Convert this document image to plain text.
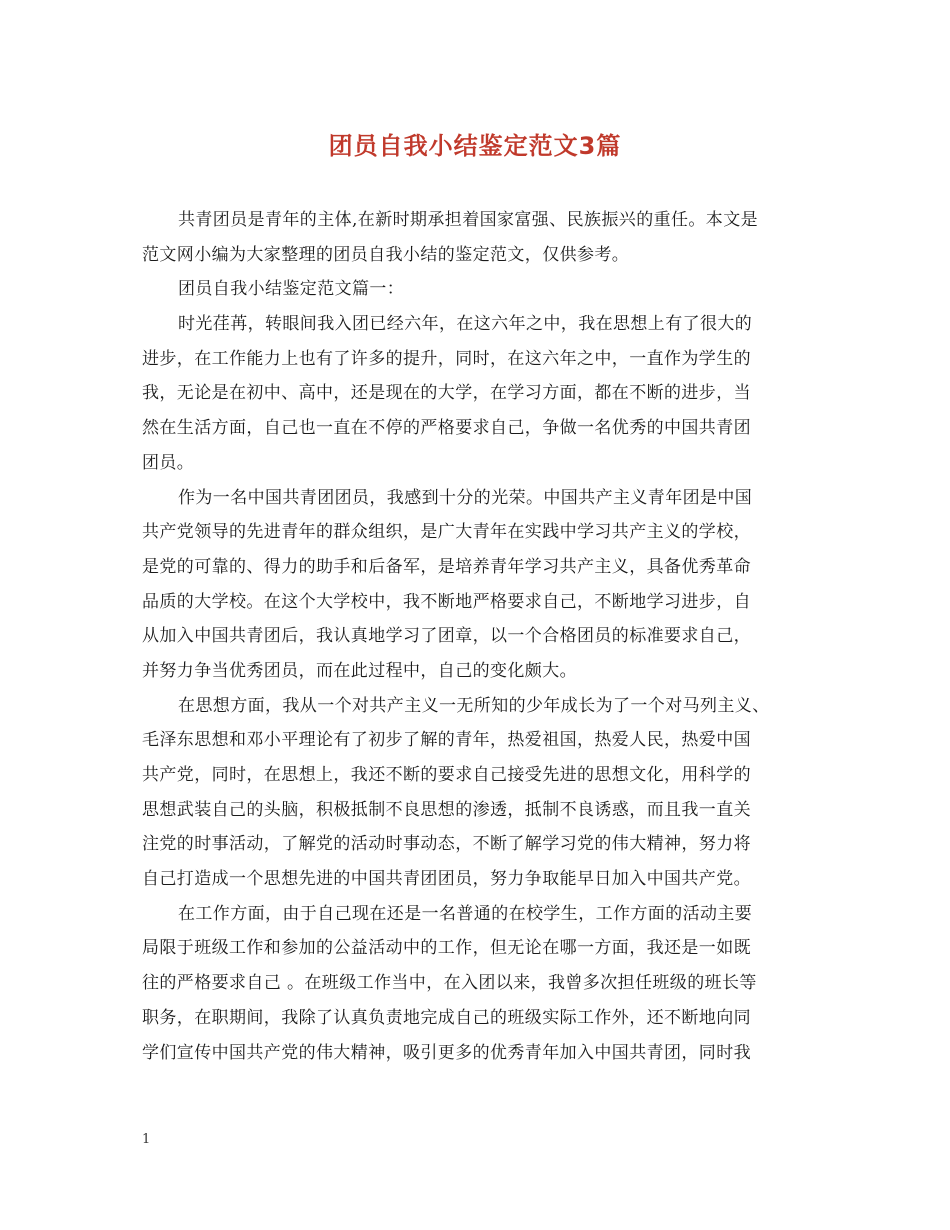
团员自我小结鉴定范文3篇
共青团员是青年的主体,在新时期承担着国家富强、民族振兴的重任。本文是
范文网小编为大家整理的团员自我小结的鉴定范文，仅供参考。
团员自我小结鉴定范文篇一：
时光荏苒，转眼间我入团已经六年，在这六年之中，我在思想上有了很大的
进步，在工作能力上也有了许多的提升，同时，在这六年之中，一直作为学生的
我，无论是在初中、高中，还是现在的大学，在学习方面，都在不断的进步，当
然在生活方面，自己也一直在不停的严格要求自己，争做一名优秀的中国共青团
团员。
作为一名中国共青团团员，我感到十分的光荣。中国共产主义青年团是中国
共产党领导的先进青年的群众组织，是广大青年在实践中学习共产主义的学校，
是党的可靠的、得力的助手和后备军，是培养青年学习共产主义，具备优秀革命
品质的大学校。在这个大学校中，我不断地严格要求自己，不断地学习进步，自
从加入中国共青团后，我认真地学习了团章，以一个合格团员的标准要求自己，
并努力争当优秀团员，而在此过程中，自己的变化颇大。
在思想方面，我从一个对共产主义一无所知的少年成长为了一个对马列主义、
毛泽东思想和邓小平理论有了初步了解的青年，热爱祖国，热爱人民，热爱中国
共产党，同时，在思想上，我还不断的要求自己接受先进的思想文化，用科学的
思想武装自己的头脑，积极抵制不良思想的渗透，抵制不良诱惑，而且我一直关
注党的时事活动，了解党的活动时事动态，不断了解学习党的伟大精神，努力将
自己打造成一个思想先进的中国共青团团员，努力争取能早日加入中国共产党。
在工作方面，由于自己现在还是一名普通的在校学生，工作方面的活动主要
局限于班级工作和参加的公益活动中的工作，但无论在哪一方面，我还是一如既
往的严格要求自己 。在班级工作当中，在入团以来，我曾多次担任班级的班长等
职务，在职期间，我除了认真负责地完成自己的班级实际工作外，还不断地向同
学们宣传中国共产党的伟大精神，吸引更多的优秀青年加入中国共青团，同时我
1
